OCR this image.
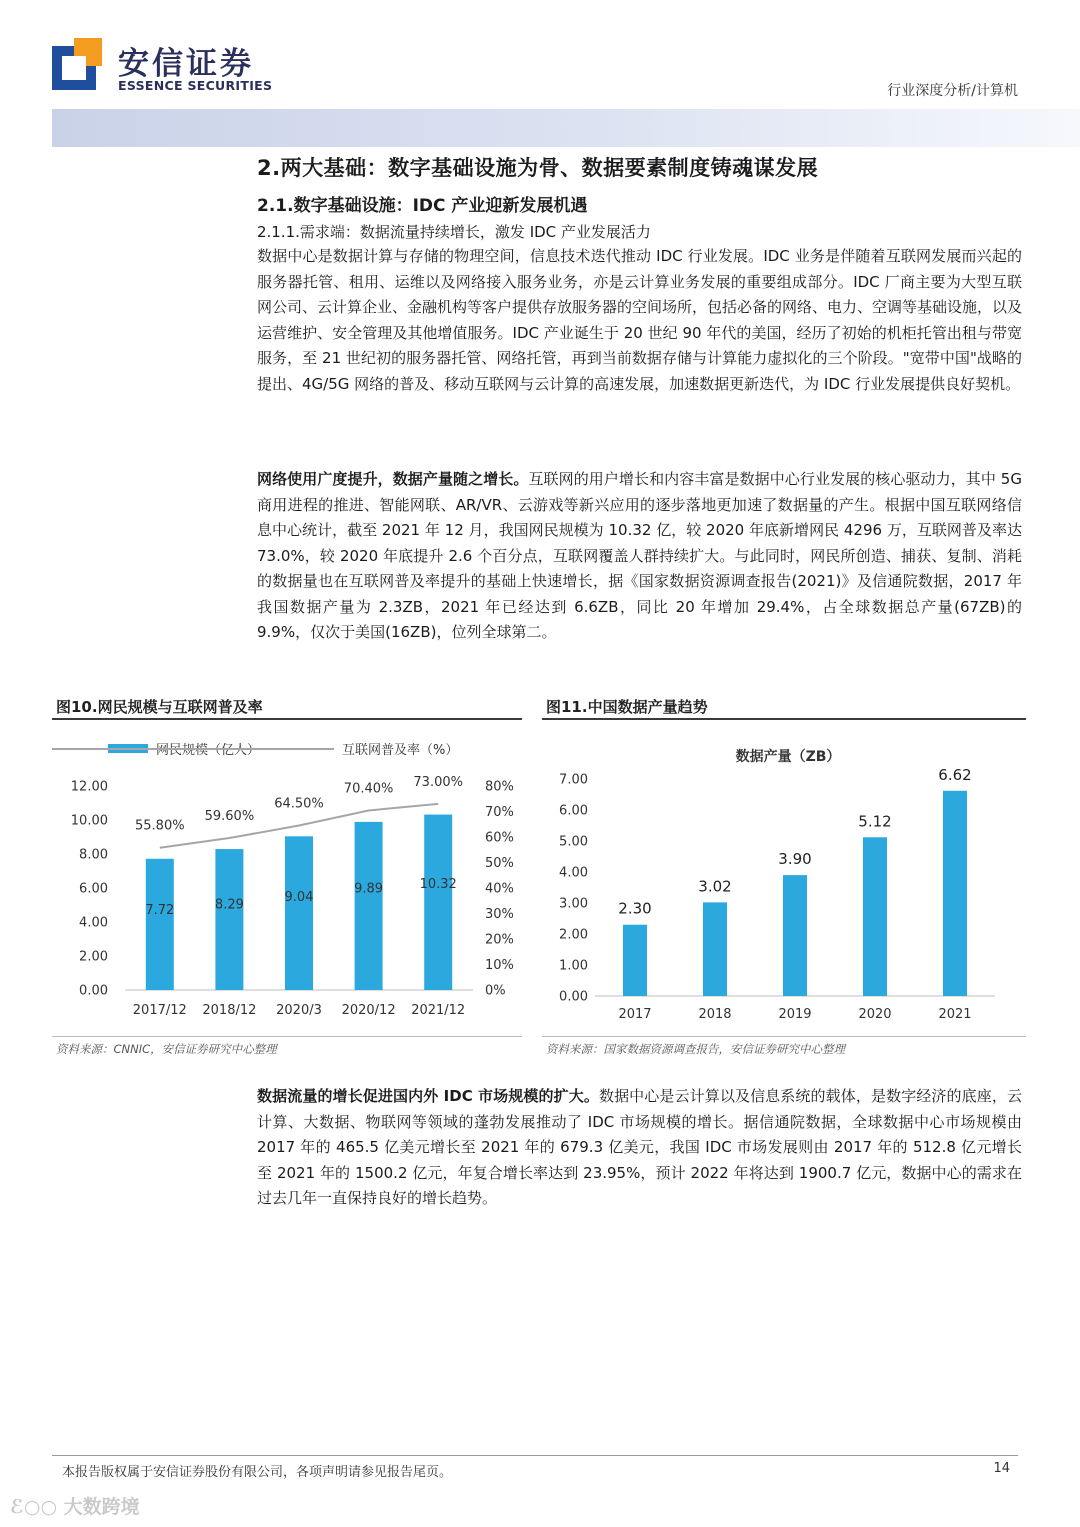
安信证券
ESSENCE SECURITIES	行业深度分析/计算机
2.两大基础：数字基础设施为骨、数据要素制度铸魂谋发展
2.1.数字基础设施：IDC 产业迎新发展机遇
2.1.1.需求端：数据流量持续增长，激发 IDC 产业发展活力

数据中心是数据计算与存储的物理空间，信息技术迭代推动 IDC 行业发展。IDC 业务是伴随着互联网发展而兴起的服务器托管、租用、运维以及网络接入服务业务，亦是云计算业务发展的重要组成部分。IDC 厂商主要为大型互联网公司、云计算企业、金融机构等客户提供存放服务器的空间场所，包括必备的网络、电力、空调等基础设施，以及运营维护、安全管理及其他增值服务。IDC 产业诞生于 20 世纪 90 年代的美国，经历了初始的机柜托管出租与带宽服务，至 21 世纪初的服务器托管、网络托管，再到当前数据存储与计算能力虚拟化的三个阶段。"宽带中国"战略的提出、4G/5G 网络的普及、移动互联网与云计算的高速发展，加速数据更新迭代，为 IDC 行业发展提供良好契机。

网络使用广度提升，数据产量随之增长。互联网的用户增长和内容丰富是数据中心行业发展的核心驱动力，其中 5G 商用进程的推进、智能网联、AR/VR、云游戏等新兴应用的逐步落地更加速了数据量的产生。根据中国互联网络信息中心统计，截至 2021 年 12 月，我国网民规模为 10.32 亿，较 2020 年底新增网民 4296 万，互联网普及率达 73.0%，较 2020 年底提升 2.6 个百分点，互联网覆盖人群持续扩大。与此同时，网民所创造、捕获、复制、消耗的数据量也在互联网普及率提升的基础上快速增长，据《国家数据资源调查报告(2021)》及信通院数据，2017 年我国数据产量为 2.3ZB，2021 年已经达到 6.6ZB，同比 20 年增加 29.4%，占全球数据总产量(67ZB)的 9.9%，仅次于美国(16ZB)，位列全球第二。

图10.网民规模与互联网普及率
网民规模（亿人）	互联网普及率（%）
0.00
2.00
4.00
6.00
8.00
10.00
12.00
0%
10%
20%
30%
40%
50%
60%
70%
80%
7.72	8.29	9.04
9.89	10.32
55.80%
59.60%
64.50%
70.40% 73.00%
2017/12 2018/12 2020/3 2020/12 2021/12
资料来源：CNNIC，安信证券研究中心整理
图11.中国数据产量趋势
数据产量（ZB）
0.00
1.00
2.00
3.00
4.00
5.00
6.00
7.00
2.30
3.02
3.90
5.12
6.62
2017	2018	2019	2020	2021
资料来源：国家数据资源调查报告，安信证券研究中心整理

数据流量的增长促进国内外 IDC 市场规模的扩大。数据中心是云计算以及信息系统的载体，是数字经济的底座，云计算、大数据、物联网等领域的蓬勃发展推动了 IDC 市场规模的增长。据信通院数据，全球数据中心市场规模由 2017 年的 465.5 亿美元增长至 2021 年的 679.3 亿美元，我国 IDC 市场发展则由 2017 年的 512.8 亿元增长至 2021 年的 1500.2 亿元，年复合增长率达到 23.95%，预计 2022 年将达到 1900.7 亿元，数据中心的需求在过去几年一直保持良好的增长趋势。

本报告版权属于安信证券股份有限公司，各项声明请参见报告尾页。	14
ℰ○○ 大数跨境
